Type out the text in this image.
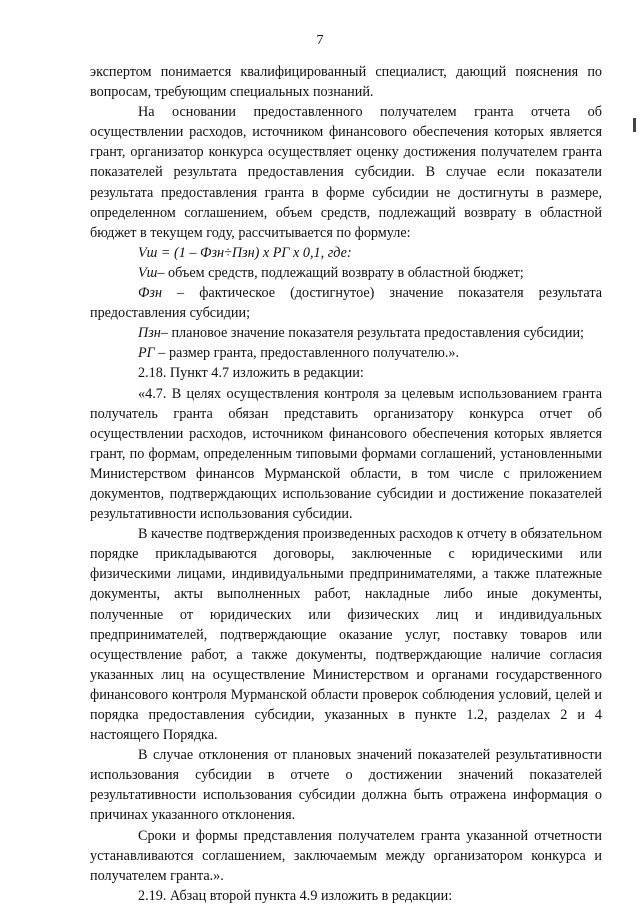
7

экспертом понимается квалифицированный специалист, дающий пояснения по вопросам, требующим специальных познаний.

На основании предоставленного получателем гранта отчета об осуществлении расходов, источником финансового обеспечения которых является грант, организатор конкурса осуществляет оценку достижения получателем гранта показателей результата предоставления субсидии. В случае если показатели результата предоставления гранта в форме субсидии не достигнуты в размере, определенном соглашением, объем средств, подлежащий возврату в областной бюджет в текущем году, рассчитывается по формуле:

Vш = (1 – Фзн÷Пзн) х РГ х 0,1, где:

Vш– объем средств, подлежащий возврату в областной бюджет;

Фзн – фактическое (достигнутое) значение показателя результата предоставления субсидии;

Пзн– плановое значение показателя результата предоставления субсидии;

РГ – размер гранта, предоставленного получателю.».

2.18. Пункт 4.7 изложить в редакции:

«4.7. В целях осуществления контроля за целевым использованием гранта получатель гранта обязан представить организатору конкурса отчет об осуществлении расходов, источником финансового обеспечения которых является грант, по формам, определенным типовыми формами соглашений, установленными Министерством финансов Мурманской области, в том числе с приложением документов, подтверждающих использование субсидии и достижение показателей результативности использования субсидии.

В качестве подтверждения произведенных расходов к отчету в обязательном порядке прикладываются договоры, заключенные с юридическими или физическими лицами, индивидуальными предпринимателями, а также платежные документы, акты выполненных работ, накладные либо иные документы, полученные от юридических или физических лиц и индивидуальных предпринимателей, подтверждающие оказание услуг, поставку товаров или осуществление работ, а также документы, подтверждающие наличие согласия указанных лиц на осуществление Министерством и органами государственного финансового контроля Мурманской области проверок соблюдения условий, целей и порядка предоставления субсидии, указанных в пункте 1.2, разделах 2 и 4 настоящего Порядка.

В случае отклонения от плановых значений показателей результативности использования субсидии в отчете о достижении значений показателей результативности использования субсидии должна быть отражена информация о причинах указанного отклонения.

Сроки и формы представления получателем гранта указанной отчетности устанавливаются соглашением, заключаемым между организатором конкурса и получателем гранта.».

2.19. Абзац второй пункта 4.9 изложить в редакции:
